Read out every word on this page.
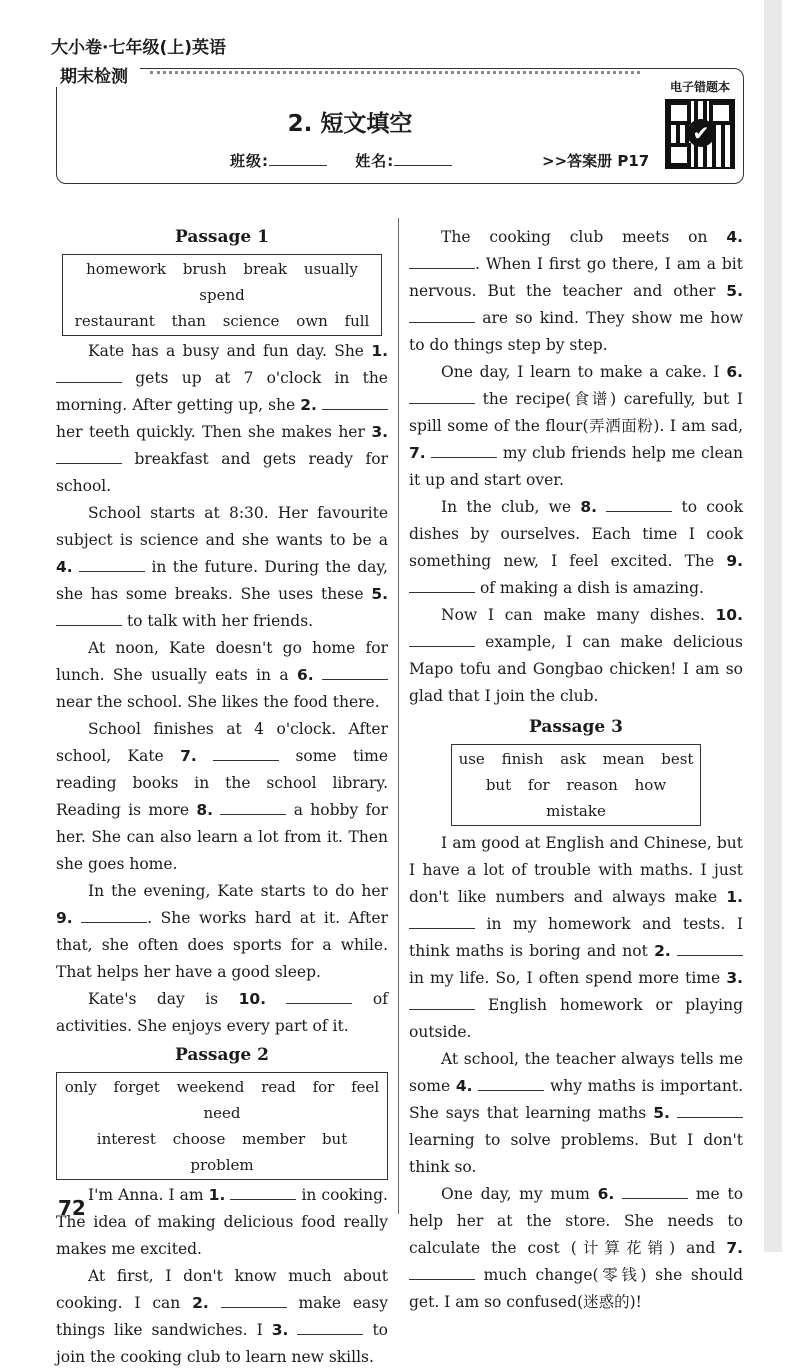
大小卷·七年级(上)英语
期末检测
2. 短文填空
班级:	姓名:	>>答案册 P17
电子错题本
✔
Passage 1
homework brush break usually spend
restaurant than science own full

Kate has a busy and fun day. She 1.  gets up at 7 o'clock in the morning. After getting up, she 2.  her teeth quickly. Then she makes her 3.  breakfast and gets ready for school.

School starts at 8:30. Her favourite subject is science and she wants to be a 4.	in the future. During the day, she has some breaks. She uses these 5.  to talk with her friends.

At noon, Kate doesn't go home for lunch. She usually eats in a 6.  near the school. She likes the food there.

School finishes at 4 o'clock. After school, Kate 7.	some time reading books in the school library. Reading is more 8.	a hobby for her. She can also learn a lot from it. Then she goes home.

In the evening, Kate starts to do her 9.	. She works hard at it. After that, she often does sports for a while. That helps her have a good sleep.

Kate's day is 10.	of activities. She enjoys every part of it.

Passage 2
only forget weekend read for feel need
interest choose member but problem

I'm Anna. I am 1.	in cooking. The idea of making delicious food really makes me excited.

At first, I don't know much about cooking. I can 2.	make easy things like sandwiches. I 3.	to join the cooking club to learn new skills.

The cooking club meets on 4. . When I first go there, I am a bit nervous. But the teacher and other 5.  are so kind. They show me how to do things step by step.

One day, I learn to make a cake. I 6.  the recipe(食谱) carefully, but I spill some of the flour(弄洒面粉). I am sad, 7.	my club friends help me clean it up and start over.

In the club, we 8.	to cook dishes by ourselves. Each time I cook something new, I feel excited. The 9.  of making a dish is amazing.

Now I can make many dishes. 10.  example, I can make delicious Mapo tofu and Gongbao chicken! I am so glad that I join the club.

Passage 3
use finish ask mean best
but for reason how mistake

I am good at English and Chinese, but I have a lot of trouble with maths. I just don't like numbers and always make 1.  in my homework and tests. I think maths is boring and not 2.  in my life. So, I often spend more time 3.  English homework or playing outside.

At school, the teacher always tells me some 4.	why maths is important. She says that learning maths 5.  learning to solve problems. But I don't think so.

One day, my mum 6.	me to help her at the store. She needs to calculate the cost (计算花销) and 7.  much change(零钱) she should get. I am so confused(迷惑的)!

72
